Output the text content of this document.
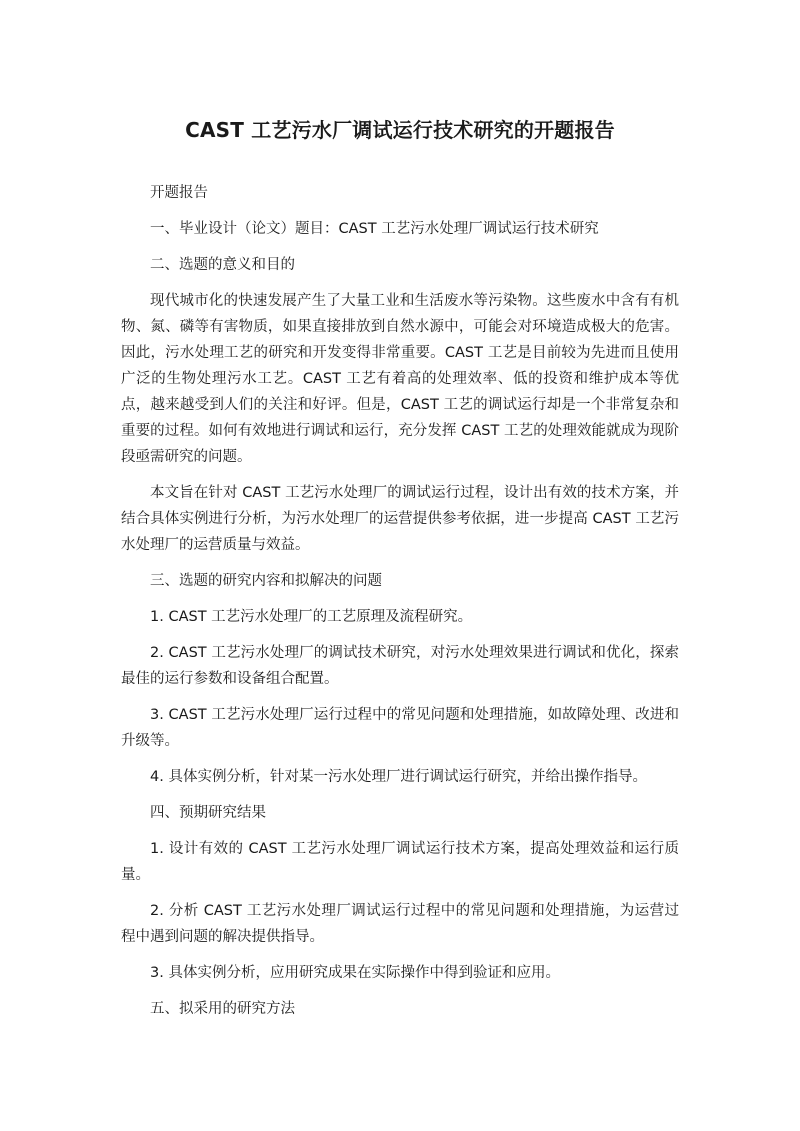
CAST 工艺污水厂调试运行技术研究的开题报告

开题报告

一、毕业设计（论文）题目：CAST 工艺污水处理厂调试运行技术研究

二、选题的意义和目的

现代城市化的快速发展产生了大量工业和生活废水等污染物。这些废水中含有有机物、氮、磷等有害物质，如果直接排放到自然水源中，可能会对环境造成极大的危害。因此，污水处理工艺的研究和开发变得非常重要。CAST 工艺是目前较为先进而且使用广泛的生物处理污水工艺。CAST 工艺有着高的处理效率、低的投资和维护成本等优点，越来越受到人们的关注和好评。但是，CAST 工艺的调试运行却是一个非常复杂和重要的过程。如何有效地进行调试和运行，充分发挥 CAST 工艺的处理效能就成为现阶段亟需研究的问题。

本文旨在针对 CAST 工艺污水处理厂的调试运行过程，设计出有效的技术方案，并结合具体实例进行分析，为污水处理厂的运营提供参考依据，进一步提高 CAST 工艺污水处理厂的运营质量与效益。

三、选题的研究内容和拟解决的问题

1. CAST 工艺污水处理厂的工艺原理及流程研究。

2. CAST 工艺污水处理厂的调试技术研究，对污水处理效果进行调试和优化，探索最佳的运行参数和设备组合配置。

3. CAST 工艺污水处理厂运行过程中的常见问题和处理措施，如故障处理、改进和升级等。

4. 具体实例分析，针对某一污水处理厂进行调试运行研究，并给出操作指导。

四、预期研究结果

1. 设计有效的 CAST 工艺污水处理厂调试运行技术方案，提高处理效益和运行质量。

2. 分析 CAST 工艺污水处理厂调试运行过程中的常见问题和处理措施，为运营过程中遇到问题的解决提供指导。

3. 具体实例分析，应用研究成果在实际操作中得到验证和应用。

五、拟采用的研究方法
